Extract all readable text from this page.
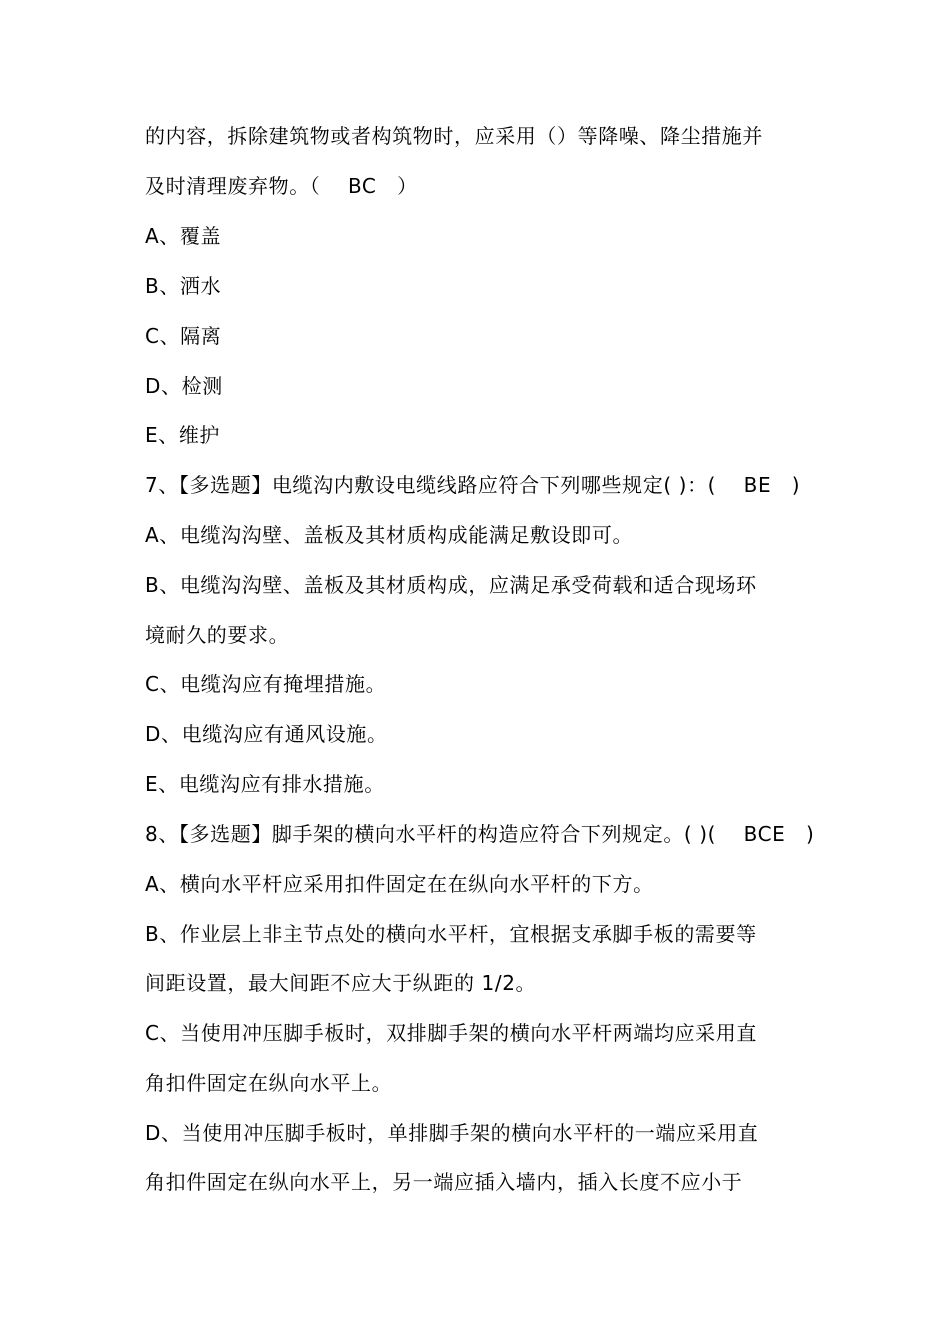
的内容，拆除建筑物或者构筑物时，应采用（）等降噪、降尘措施并
及时清理废弃物。（　 BC　）
A、覆盖
B、洒水
C、隔离
D、检测
E、维护
7、【多选题】电缆沟内敷设电缆线路应符合下列哪些规定( )：(　 BE　)
A、电缆沟沟壁、盖板及其材质构成能满足敷设即可。
B、电缆沟沟壁、盖板及其材质构成，应满足承受荷载和适合现场环
境耐久的要求。
C、电缆沟应有掩埋措施。
D、电缆沟应有通风设施。
E、电缆沟应有排水措施。
8、【多选题】脚手架的横向水平杆的构造应符合下列规定。( )(　 BCE　)
A、横向水平杆应采用扣件固定在在纵向水平杆的下方。
B、作业层上非主节点处的横向水平杆，宜根据支承脚手板的需要等
间距设置，最大间距不应大于纵距的 1/2。
C、当使用冲压脚手板时，双排脚手架的横向水平杆两端均应采用直
角扣件固定在纵向水平上。
D、当使用冲压脚手板时，单排脚手架的横向水平杆的一端应采用直
角扣件固定在纵向水平上，另一端应插入墙内，插入长度不应小于
